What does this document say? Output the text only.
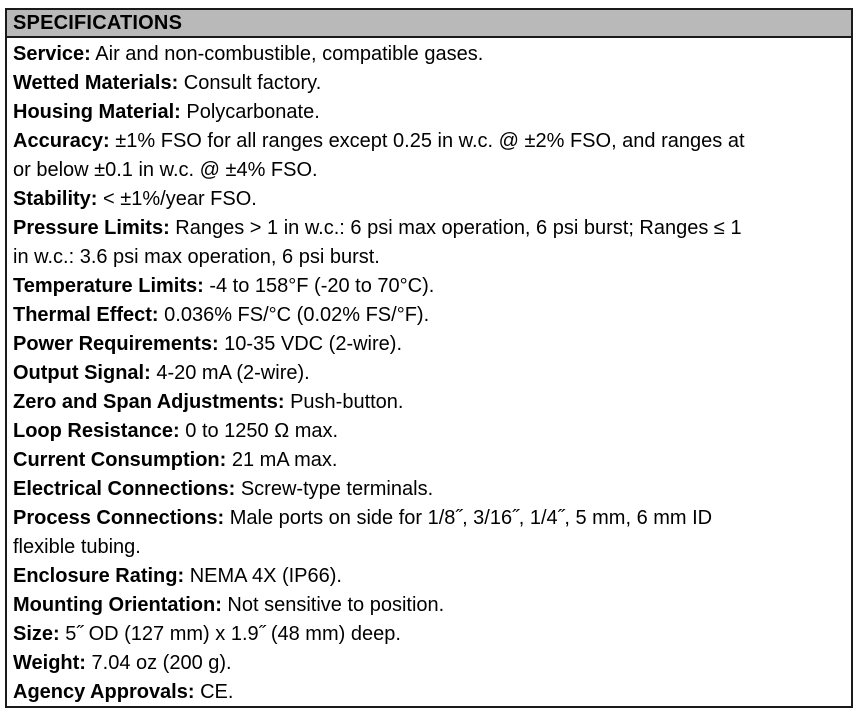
SPECIFICATIONS

Service: Air and non-combustible, compatible gases.

Wetted Materials: Consult factory.

Housing Material: Polycarbonate.

Accuracy: ±1% FSO for all ranges except 0.25 in w.c. @ ±2% FSO, and ranges at

or below ±0.1 in w.c. @ ±4% FSO.

Stability: < ±1%/year FSO.

Pressure Limits: Ranges > 1 in w.c.: 6 psi max operation, 6 psi burst; Ranges ≤ 1

in w.c.: 3.6 psi max operation, 6 psi burst.

Temperature Limits: -4 to 158°F (-20 to 70°C).

Thermal Effect: 0.036% FS/°C (0.02% FS/°F).

Power Requirements: 10-35 VDC (2-wire).

Output Signal: 4-20 mA (2-wire).

Zero and Span Adjustments: Push-button.

Loop Resistance: 0 to 1250 Ω max.

Current Consumption: 21 mA max.

Electrical Connections: Screw-type terminals.

Process Connections: Male ports on side for 1/8˝, 3/16˝, 1/4˝, 5 mm, 6 mm ID

flexible tubing.

Enclosure Rating: NEMA 4X (IP66).

Mounting Orientation: Not sensitive to position.

Size: 5˝ OD (127 mm) x 1.9˝ (48 mm) deep.

Weight: 7.04 oz (200 g).

Agency Approvals: CE.
